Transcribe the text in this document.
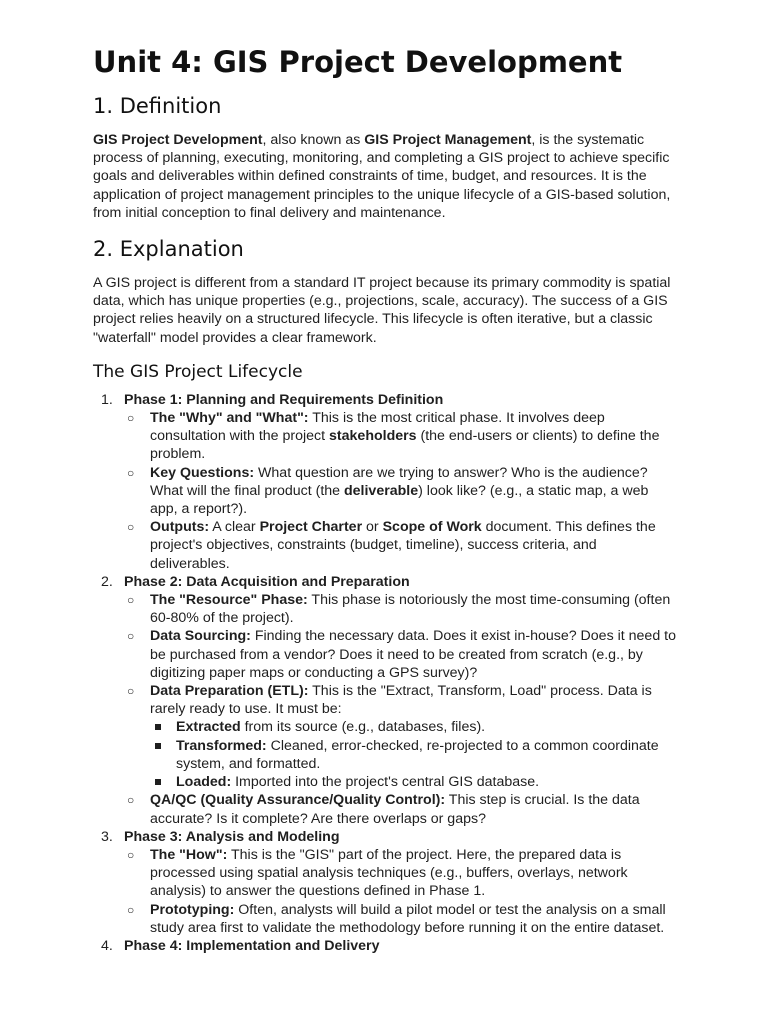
Unit 4: GIS Project Development
1. Definition

GIS Project Development, also known as GIS Project Management, is the systematic process of planning, executing, monitoring, and completing a GIS project to achieve specific goals and deliverables within defined constraints of time, budget, and resources. It is the application of project management principles to the unique lifecycle of a GIS-based solution, from initial conception to final delivery and maintenance.

2. Explanation

A GIS project is different from a standard IT project because its primary commodity is spatial data, which has unique properties (e.g., projections, scale, accuracy). The success of a GIS project relies heavily on a structured lifecycle. This lifecycle is often iterative, but a classic "waterfall" model provides a clear framework.

The GIS Project Lifecycle
1. Phase 1: Planning and Requirements Definition
○ The "Why" and "What": This is the most critical phase. It involves deep consultation with the project stakeholders (the end-users or clients) to define the problem.
○ Key Questions: What question are we trying to answer? Who is the audience? What will the final product (the deliverable) look like? (e.g., a static map, a web app, a report?).
○ Outputs: A clear Project Charter or Scope of Work document. This defines the project's objectives, constraints (budget, timeline), success criteria, and deliverables.
2. Phase 2: Data Acquisition and Preparation
○ The "Resource" Phase: This phase is notoriously the most time-consuming (often 60-80% of the project).
○ Data Sourcing: Finding the necessary data. Does it exist in-house? Does it need to be purchased from a vendor? Does it need to be created from scratch (e.g., by digitizing paper maps or conducting a GPS survey)?
○ Data Preparation (ETL): This is the "Extract, Transform, Load" process. Data is rarely ready to use. It must be:
Extracted from its source (e.g., databases, files).
Transformed: Cleaned, error-checked, re-projected to a common coordinate system, and formatted.
Loaded: Imported into the project's central GIS database.
○ QA/QC (Quality Assurance/Quality Control): This step is crucial. Is the data accurate? Is it complete? Are there overlaps or gaps?
3. Phase 3: Analysis and Modeling
○ The "How": This is the "GIS" part of the project. Here, the prepared data is processed using spatial analysis techniques (e.g., buffers, overlays, network analysis) to answer the questions defined in Phase 1.
○ Prototyping: Often, analysts will build a pilot model or test the analysis on a small study area first to validate the methodology before running it on the entire dataset.
4. Phase 4: Implementation and Delivery
